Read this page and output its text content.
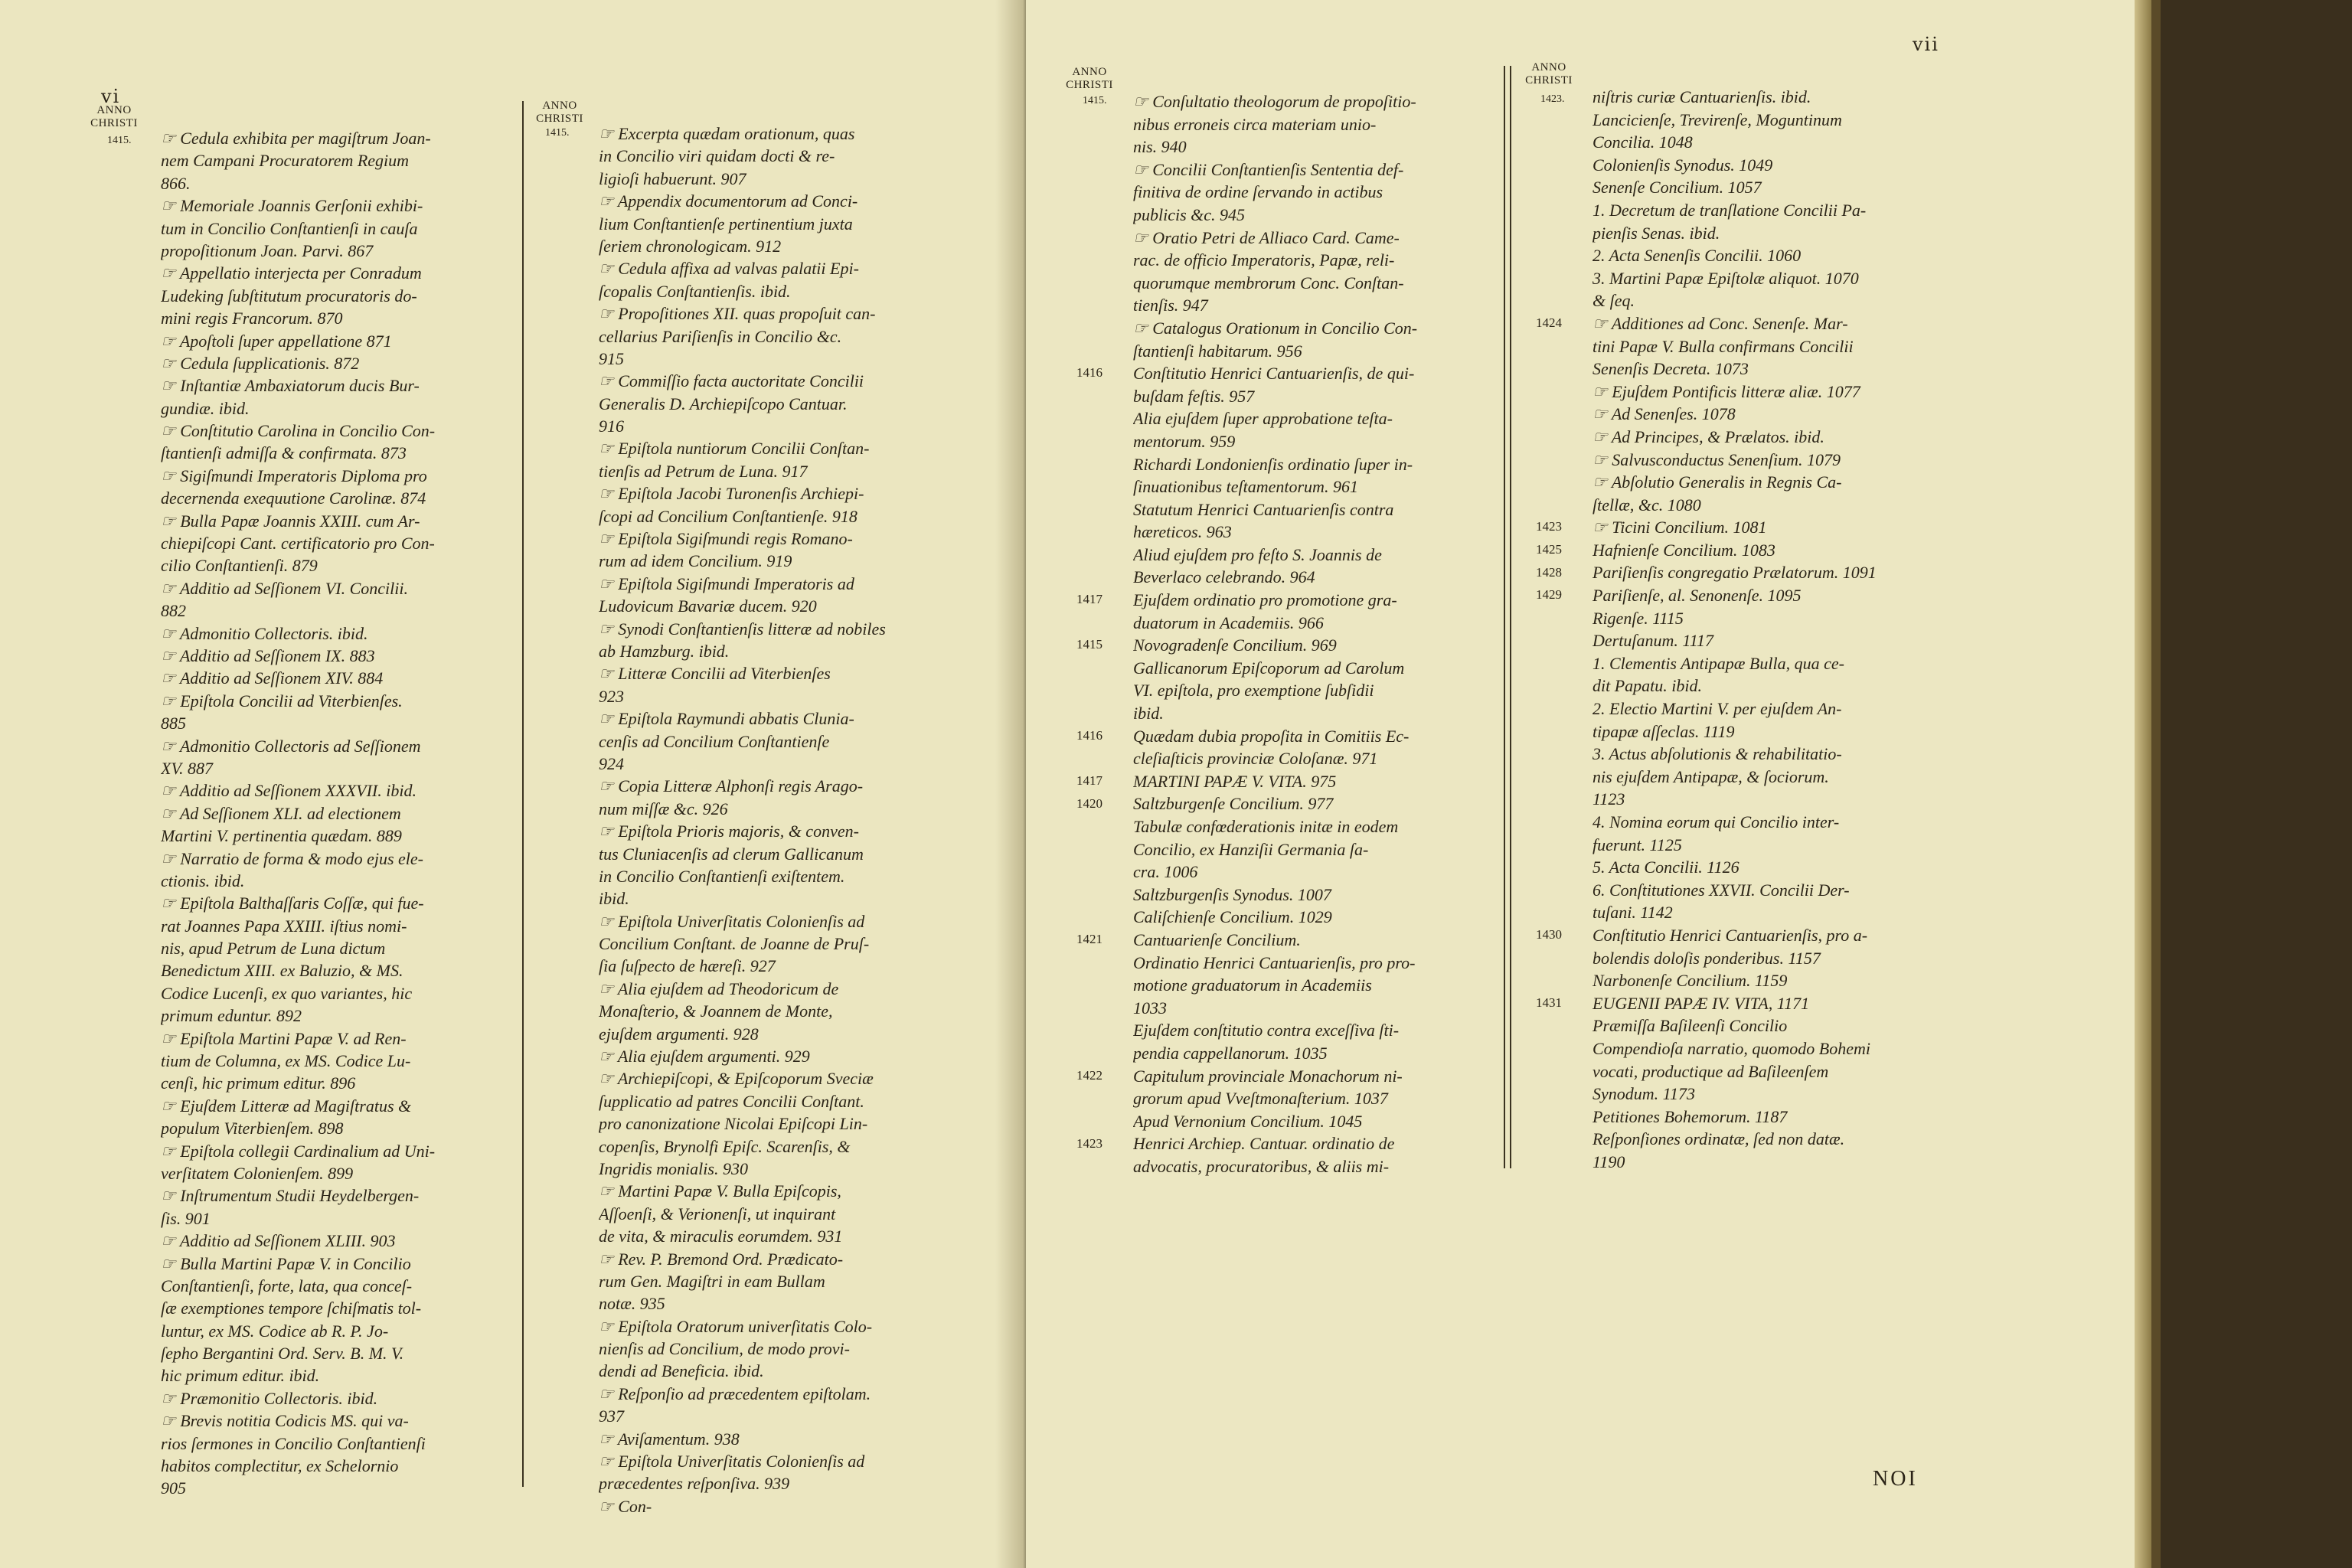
vi
ANNO
CHRISTI
1415. ☞ Cedula exhibita per magiſtrum Joan-
nem Campani Procuratorem Regium
866.
☞ Memoriale Joannis Gerſonii exhibi-
tum in Concilio Conſtantienſi in cauſa
propoſitionum Joan. Parvi. 867
☞ Appellatio interjecta per Conradum
Ludeking ſubſtitutum procuratoris do-
mini regis Francorum. 870
☞ Apoſtoli ſuper appellatione 871
☞ Cedula ſupplicationis. 872
☞ Inſtantiæ Ambaxiatorum ducis Bur-
gundiæ. ibid.
☞ Conſtitutio Carolina in Concilio Con-
ſtantienſi admiſſa & confirmata. 873
☞ Sigiſmundi Imperatoris Diploma pro
decernenda exequutione Carolinæ. 874
☞ Bulla Papæ Joannis XXIII. cum Ar-
chiepiſcopi Cant. certificatorio pro Con-
cilio Conſtantienſi. 879
☞ Additio ad Seſſionem VI. Concilii.
882
☞ Admonitio Collectoris. ibid.
☞ Additio ad Seſſionem IX. 883
☞ Additio ad Seſſionem XIV. 884
☞ Epiſtola Concilii ad Viterbienſes.
885
☞ Admonitio Collectoris ad Seſſionem
XV. 887
☞ Additio ad Seſſionem XXXVII. ibid.
☞ Ad Seſſionem XLI. ad electionem
Martini V. pertinentia quædam. 889
☞ Narratio de forma & modo ejus ele-
ctionis. ibid.
☞ Epiſtola Balthaſſaris Coſſæ, qui fue-
rat Joannes Papa XXIII. iſtius nomi-
nis, apud Petrum de Luna dictum
Benedictum XIII. ex Baluzio, & MS.
Codice Lucenſi, ex quo variantes, hic
primum eduntur. 892
☞ Epiſtola Martini Papæ V. ad Ren-
tium de Columna, ex MS. Codice Lu-
cenſi, hic primum editur. 896
☞ Ejuſdem Litteræ ad Magiſtratus &
populum Viterbienſem. 898
☞ Epiſtola collegii Cardinalium ad Uni-
verſitatem Colonienſem. 899
☞ Inſtrumentum Studii Heydelbergen-
ſis. 901
☞ Additio ad Seſſionem XLIII. 903
☞ Bulla Martini Papæ V. in Concilio
Conſtantienſi, forte, lata, qua conceſ-
ſæ exemptiones tempore ſchiſmatis tol-
luntur, ex MS. Codice ab R. P. Jo-
ſepho Bergantini Ord. Serv. B. M. V.
hic primum editur. ibid.
☞ Præmonitio Collectoris. ibid.
☞ Brevis notitia Codicis MS. qui va-
rios ſermones in Concilio Conſtantienſi
habitos complectitur, ex Schelornio
905
ANNO
CHRISTI
1415. ☞ Excerpta quædam orationum, quas
in Concilio viri quidam docti & re-
ligioſi habuerunt. 907
☞ Appendix documentorum ad Conci-
lium Conſtantienſe pertinentium juxta
ſeriem chronologicam. 912
☞ Cedula affixa ad valvas palatii Epi-
ſcopalis Conſtantienſis. ibid.
☞ Propoſitiones XII. quas propoſuit can-
cellarius Pariſienſis in Concilio &c.
915
☞ Commiſſio facta auctoritate Concilii
Generalis D. Archiepiſcopo Cantuar.
916
☞ Epiſtola nuntiorum Concilii Conſtan-
tienſis ad Petrum de Luna. 917
☞ Epiſtola Jacobi Turonenſis Archiepi-
ſcopi ad Concilium Conſtantienſe. 918
☞ Epiſtola Sigiſmundi regis Romano-
rum ad idem Concilium. 919
☞ Epiſtola Sigiſmundi Imperatoris ad
Ludovicum Bavariæ ducem. 920
☞ Synodi Conſtantienſis litteræ ad nobiles
ab Hamzburg. ibid.
☞ Litteræ Concilii ad Viterbienſes
923
☞ Epiſtola Raymundi abbatis Clunia-
cenſis ad Concilium Conſtantienſe
924
☞ Copia Litteræ Alphonſi regis Arago-
num miſſæ &c. 926
☞ Epiſtola Prioris majoris, & conven-
tus Cluniacenſis ad clerum Gallicanum
in Concilio Conſtantienſi exiſtentem.
ibid.
☞ Epiſtola Univerſitatis Colonienſis ad
Concilium Conſtant. de Joanne de Pruſ-
ſia ſuſpecto de hæreſi. 927
☞ Alia ejuſdem ad Theodoricum de
Monaſterio, & Joannem de Monte,
ejuſdem argumenti. 928
☞ Alia ejuſdem argumenti. 929
☞ Archiepiſcopi, & Epiſcoporum Sveciæ
ſupplicatio ad patres Concilii Conſtant.
pro canonizatione Nicolai Epiſcopi Lin-
copenſis, Brynolfi Epiſc. Scarenſis, &
Ingridis monialis. 930
☞ Martini Papæ V. Bulla Epiſcopis,
Aſſoenſi, & Verionenſi, ut inquirant
de vita, & miraculis eorumdem. 931
☞ Rev. P. Bremond Ord. Prædicato-
rum Gen. Magiſtri in eam Bullam
notæ. 935
☞ Epiſtola Oratorum univerſitatis Colo-
nienſis ad Concilium, de modo provi-
dendi ad Beneficia. ibid.
☞ Reſponſio ad præcedentem epiſtolam.
937
☞ Aviſamentum. 938
☞ Epiſtola Univerſitatis Colonienſis ad
præcedentes reſponſiva. 939
☞ Con-
vii
ANNO
CHRISTI
1415. ☞ Conſultatio theologorum de propoſitio-
nibus erroneis circa materiam unio-
nis. 940
☞ Concilii Conſtantienſis Sententia def-
finitiva de ordine ſervando in actibus
publicis &c. 945
☞ Oratio Petri de Alliaco Card. Came-
rac. de officio Imperatoris, Papæ, reli-
quorumque membrorum Conc. Conſtan-
tienſis. 947
☞ Catalogus Orationum in Concilio Con-
ſtantienſi habitarum. 956
Conſtitutio Henrici Cantuarienſis, de qui-
buſdam feſtis. 957
Alia ejuſdem ſuper approbatione teſta-
mentorum. 959
Richardi Londonienſis ordinatio ſuper in-
ſinuationibus teſtamentorum. 961
Statutum Henrici Cantuarienſis contra
hæreticos. 963
Aliud ejuſdem pro feſto S. Joannis de
Beverlaco celebrando. 964
Ejuſdem ordinatio pro promotione gra-
duatorum in Academiis. 966
Novogradenſe Concilium. 969
Gallicanorum Epiſcoporum ad Carolum
VI. epiſtola, pro exemptione ſubſidii
ibid.
Quædam dubia propoſita in Comitiis Ec-
cleſiaſticis provinciæ Coloſanæ. 971
MARTINI PAPÆ V. VITA. 975
Saltzburgenſe Concilium. 977
Tabulæ confœderationis initæ in eodem
Concilio, ex Hanziſii Germania ſa-
cra. 1006
Saltzburgenſis Synodus. 1007
Caliſchienſe Concilium. 1029
Cantuarienſe Concilium.
Ordinatio Henrici Cantuarienſis, pro pro-
motione graduatorum in Academiis
1033
Ejuſdem conſtitutio contra exceſſiva ſti-
pendia cappellanorum. 1035
Capitulum provinciale Monachorum ni-
grorum apud Vveſtmonaſterium. 1037
Apud Vernonium Concilium. 1045
Henrici Archiep. Cantuar. ordinatio de
advocatis, procuratoribus, & aliis mi-
1416
1417
1415
1416
1417
1420
1421
1422
1423
ANNO
CHRISTI
1423. niſtris curiæ Cantuarienſis. ibid.
Lancicienſe, Trevirenſe, Moguntinum
Concilia. 1048
Colonienſis Synodus. 1049
Senenſe Concilium. 1057
1. Decretum de tranſlatione Concilii Pa-
pienſis Senas. ibid.
2. Acta Senenſis Concilii. 1060
3. Martini Papæ Epiſtolæ aliquot. 1070
& ſeq.
☞ Additiones ad Conc. Senenſe. Mar-
tini Papæ V. Bulla confirmans Concilii
Senenſis Decreta. 1073
☞ Ejuſdem Pontificis litteræ aliæ. 1077
☞ Ad Senenſes. 1078
☞ Ad Principes, & Prælatos. ibid.
☞ Salvusconductus Senenſium. 1079
☞ Abſolutio Generalis in Regnis Ca-
ſtellæ, &c. 1080
☞ Ticini Concilium. 1081
Hafnienſe Concilium. 1083
Pariſienſis congregatio Prælatorum. 1091
Pariſienſe, al. Senonenſe. 1095
Rigenſe. 1115
Dertuſanum. 1117
1. Clementis Antipapæ Bulla, qua ce-
dit Papatu. ibid.
2. Electio Martini V. per ejuſdem An-
tipapæ aſſeclas. 1119
3. Actus abſolutionis & rehabilitatio-
nis ejuſdem Antipapæ, & ſociorum.
1123
4. Nomina eorum qui Concilio inter-
fuerunt. 1125
5. Acta Concilii. 1126
6. Conſtitutiones XXVII. Concilii Der-
tuſani. 1142
Conſtitutio Henrici Cantuarienſis, pro a-
bolendis doloſis ponderibus. 1157
Narbonenſe Concilium. 1159
EUGENII PAPÆ IV. VITA, 1171
Præmiſſa Baſileenſi Concilio
Compendioſa narratio, quomodo Bohemi
vocati, productique ad Baſileenſem
Synodum. 1173
Petitiones Bohemorum. 1187
Reſponſiones ordinatæ, ſed non datæ.
1190
1424
1423
1425
1428
1429
1430
1431
NOI
